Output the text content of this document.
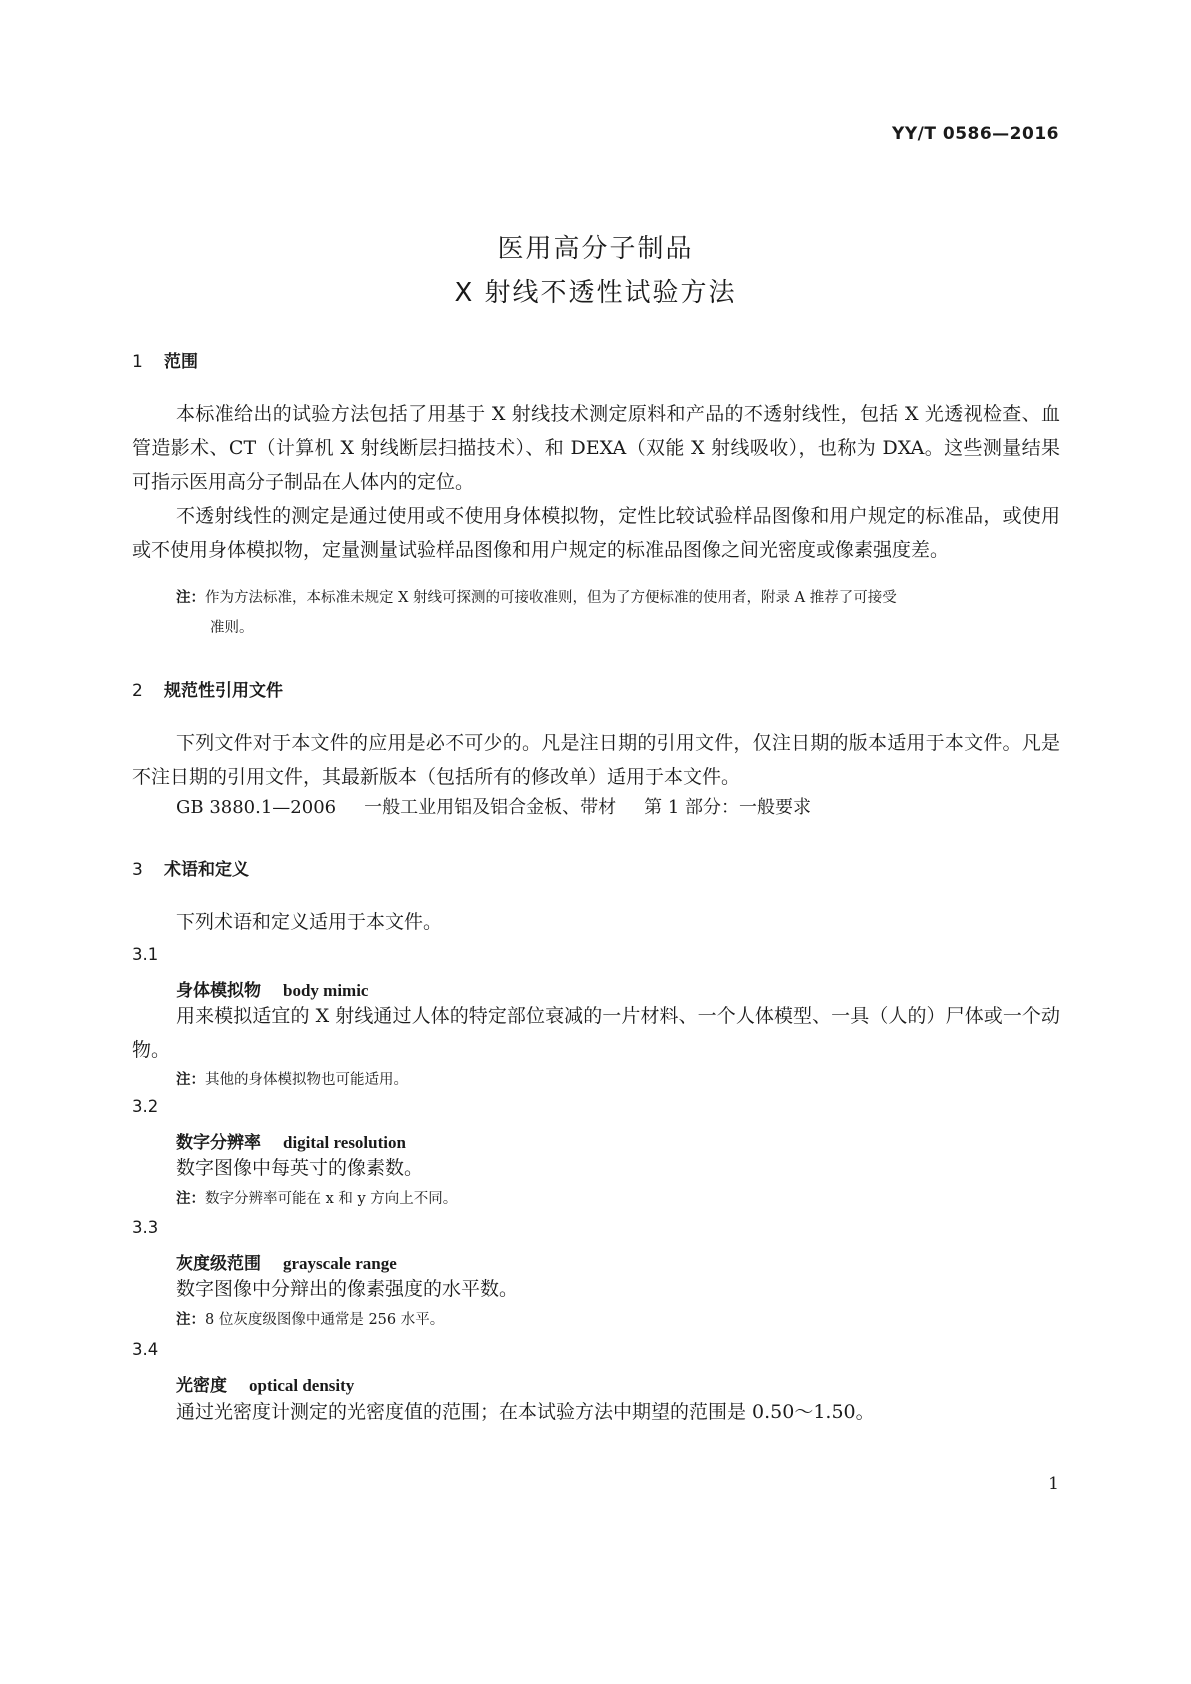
YY/T 0586—2016
医用高分子制品
X 射线不透性试验方法
1 范围
本标准给出的试验方法包括了用基于 X 射线技术测定原料和产品的不透射线性，包括 X 光透视检查、血管造影术、CT（计算机 X 射线断层扫描技术）、和 DEXA（双能 X 射线吸收），也称为 DXA。这些测量结果可指示医用高分子制品在人体内的定位。
不透射线性的测定是通过使用或不使用身体模拟物，定性比较试验样品图像和用户规定的标准品，或使用或不使用身体模拟物，定量测量试验样品图像和用户规定的标准品图像之间光密度或像素强度差。
注：作为方法标准，本标准未规定 X 射线可探测的可接收准则，但为了方便标准的使用者，附录 A 推荐了可接受
准则。
2 规范性引用文件
下列文件对于本文件的应用是必不可少的。凡是注日期的引用文件，仅注日期的版本适用于本文件。凡是不注日期的引用文件，其最新版本（包括所有的修改单）适用于本文件。
GB 3880.1—2006 一般工业用铝及铝合金板、带材 第 1 部分：一般要求
3 术语和定义
下列术语和定义适用于本文件。
3.1
身体模拟物 body mimic
用来模拟适宜的 X 射线通过人体的特定部位衰减的一片材料、一个人体模型、一具（人的）尸体或一个动物。
注：其他的身体模拟物也可能适用。
3.2
数字分辨率 digital resolution
数字图像中每英寸的像素数。
注：数字分辨率可能在 x 和 y 方向上不同。
3.3
灰度级范围 grayscale range
数字图像中分辩出的像素强度的水平数。
注：8 位灰度级图像中通常是 256 水平。
3.4
光密度 optical density
通过光密度计测定的光密度值的范围；在本试验方法中期望的范围是 0.50～1.50。
1
